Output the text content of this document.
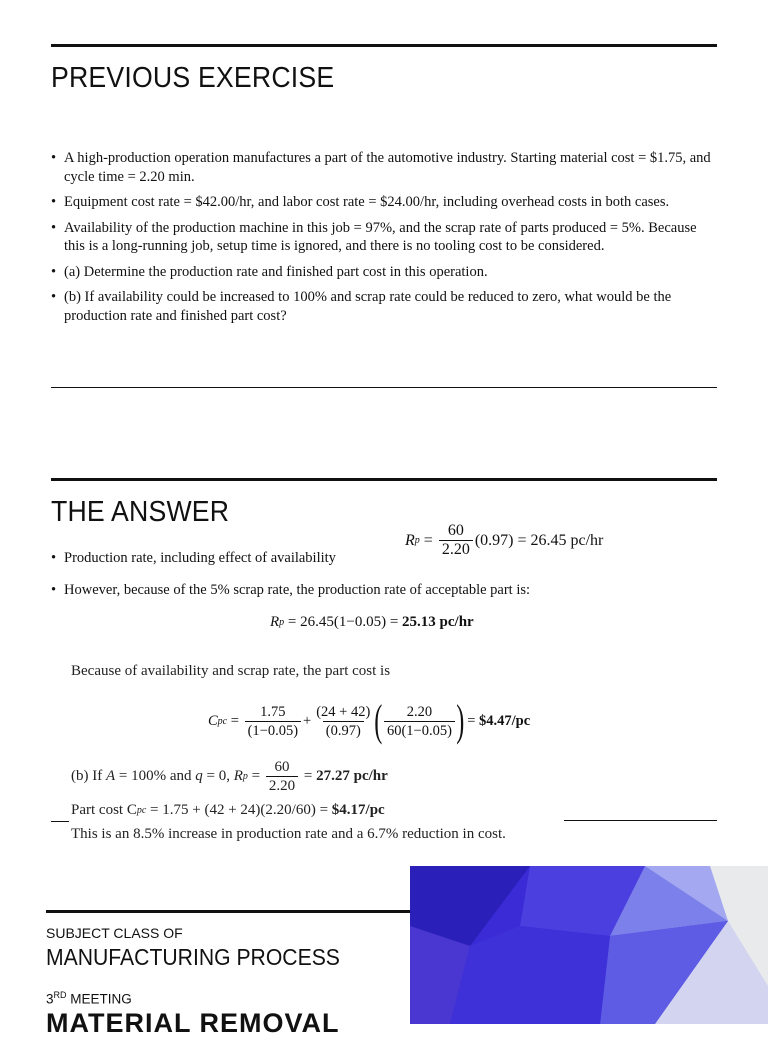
PREVIOUS EXERCISE
• A high-production operation manufactures a part of the automotive industry. Starting material cost = $1.75, and cycle time = 2.20 min.
• Equipment cost rate = $42.00/hr, and labor cost rate = $24.00/hr, including overhead costs in both cases.
• Availability of the production machine in this job = 97%, and the scrap rate of parts produced = 5%. Because this is a long-running job, setup time is ignored, and there is no tooling cost to be considered.
• (a) Determine the production rate and finished part cost in this operation.
• (b) If availability could be increased to 100% and scrap rate could be reduced to zero, what would be the production rate and finished part cost?
THE ANSWER
R $p = \frac{60}{2.20} (0.97) = 26.45$ pc/hr
• Production rate, including effect of availability
• However, because of the 5% scrap rate, the production rate of acceptable part is:
R p = 26.45(1−0.05) = 25.13 pc/hr
Because of availability and scrap rate, the part cost is
C pc = $\frac{1.75}{(1-0.05)} + \frac{(24 + 42)}{(0.97)}$ ( $\frac{2.20}{60(1-0.05)}$ ) = $4.47/pc
(b) If A = 100% and q = 0, R $p = \frac{60}{2.20} = 27.27$ pc/hr
Part cost C pc = 1.75 + (42 + 24)(2.20/60) = $4.17/pc
This is an 8.5% increase in production rate and a 6.7% reduction in cost.
SUBJECT CLASS OF
MANUFACTURING PROCESS
3RD MEETING
MATERIAL REMOVAL
